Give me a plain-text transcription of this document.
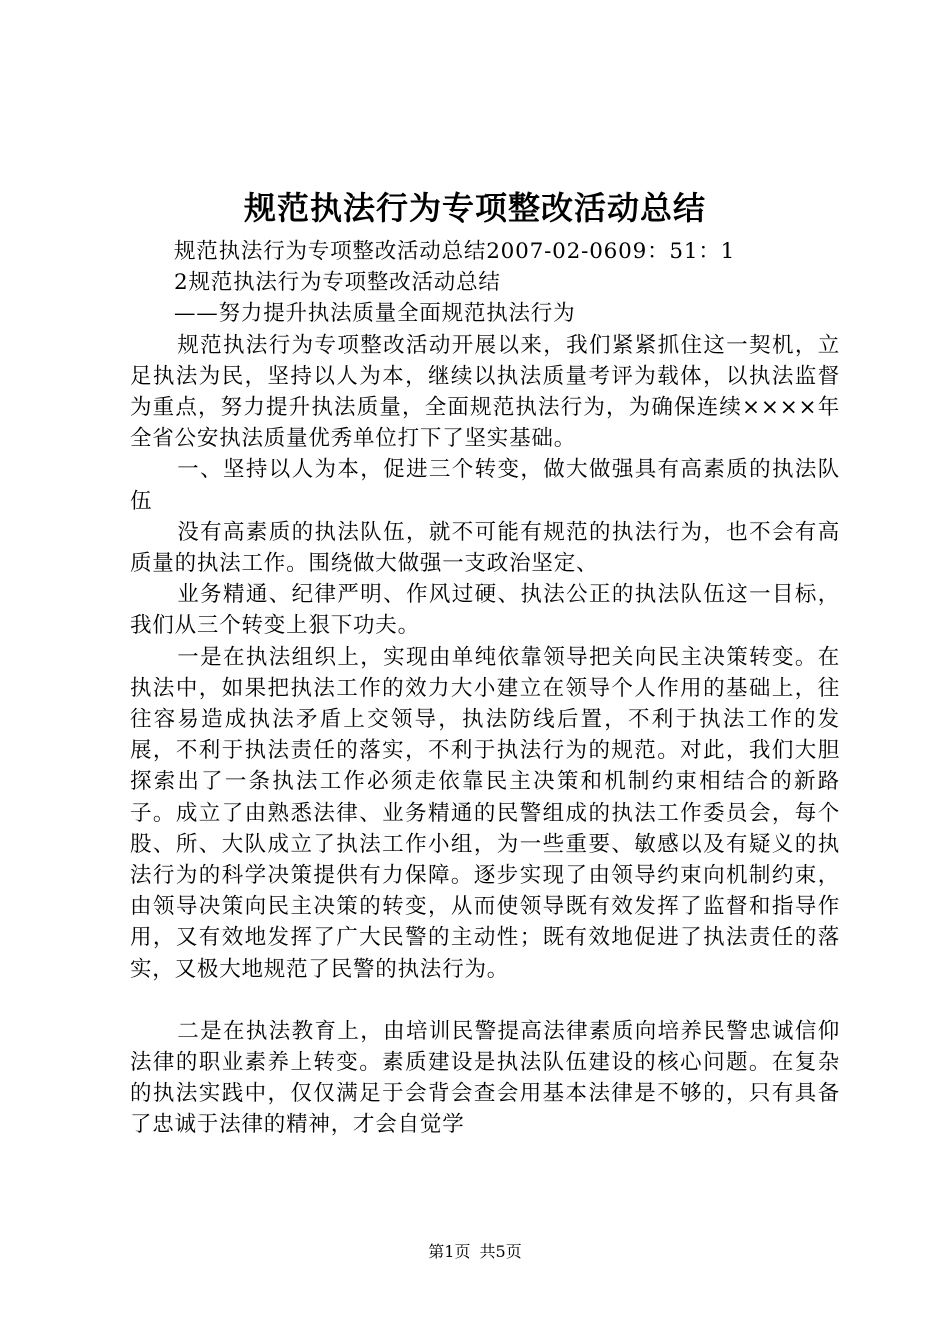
规范执法行为专项整改活动总结

规范执法行为专项整改活动总结2007-02-0609：51：1

2规范执法行为专项整改活动总结

——努力提升执法质量全面规范执法行为

规范执法行为专项整改活动开展以来，我们紧紧抓住这一契机，立足执法为民，坚持以人为本，继续以执法质量考评为载体，以执法监督为重点，努力提升执法质量，全面规范执法行为，为确保连续××××年全省公安执法质量优秀单位打下了坚实基础。

一、坚持以人为本，促进三个转变，做大做强具有高素质的执法队伍

没有高素质的执法队伍，就不可能有规范的执法行为，也不会有高质量的执法工作。围绕做大做强一支政治坚定、

业务精通、纪律严明、作风过硬、执法公正的执法队伍这一目标，我们从三个转变上狠下功夫。

一是在执法组织上，实现由单纯依靠领导把关向民主决策转变。在执法中，如果把执法工作的效力大小建立在领导个人作用的基础上，往往容易造成执法矛盾上交领导，执法防线后置，不利于执法工作的发展，不利于执法责任的落实，不利于执法行为的规范。对此，我们大胆探索出了一条执法工作必须走依靠民主决策和机制约束相结合的新路子。成立了由熟悉法律、业务精通的民警组成的执法工作委员会，每个股、所、大队成立了执法工作小组，为一些重要、敏感以及有疑义的执法行为的科学决策提供有力保障。逐步实现了由领导约束向机制约束，由领导决策向民主决策的转变，从而使领导既有效发挥了监督和指导作用，又有效地发挥了广大民警的主动性；既有效地促进了执法责任的落实，又极大地规范了民警的执法行为。

二是在执法教育上，由培训民警提高法律素质向培养民警忠诚信仰法律的职业素养上转变。素质建设是执法队伍建设的核心问题。在复杂的执法实践中，仅仅满足于会背会查会用基本法律是不够的，只有具备了忠诚于法律的精神，才会自觉学

第1页 共5页
